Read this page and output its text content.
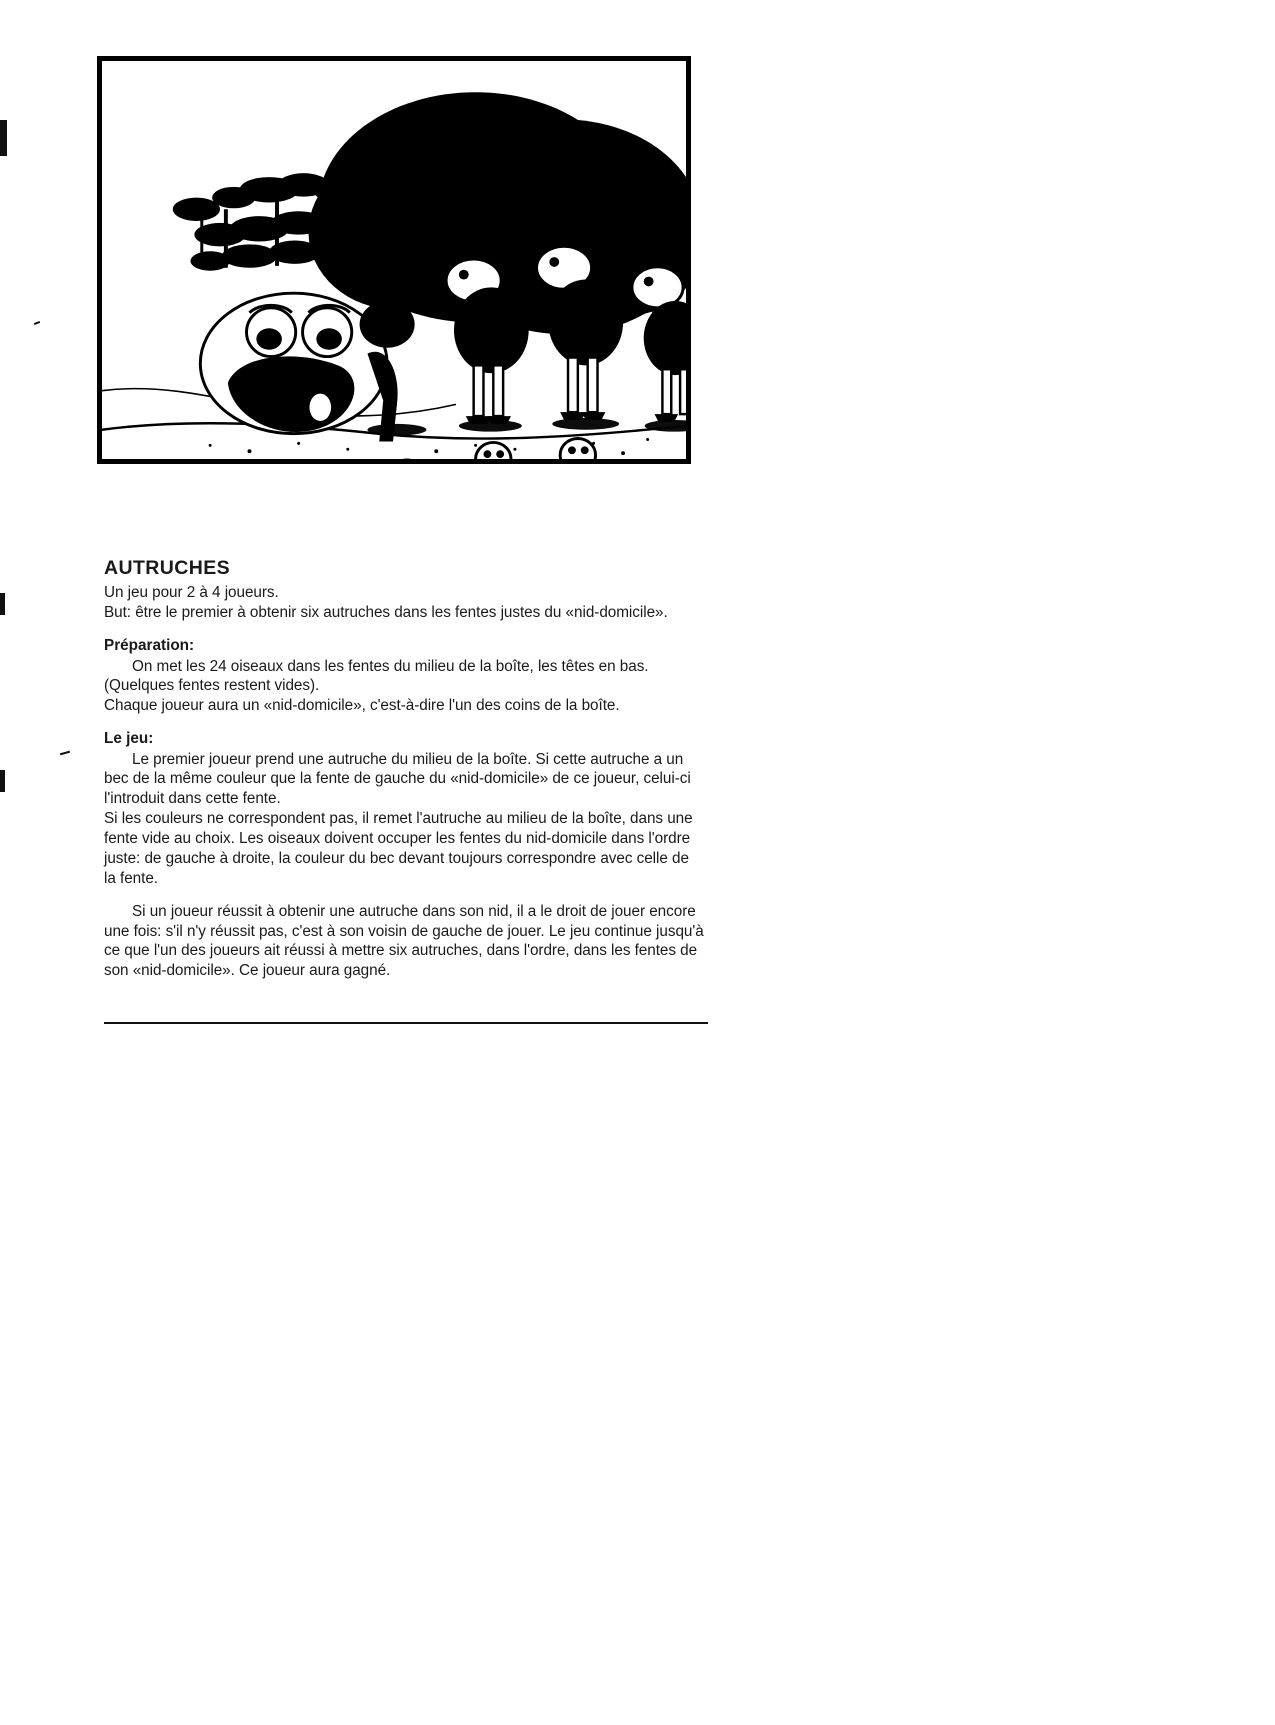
AUTRUCHES

Un jeu pour 2 à 4 joueurs.

But: être le premier à obtenir six autruches dans les fentes justes du «nid-domicile».

Préparation:

On met les 24 oiseaux dans les fentes du milieu de la boîte, les têtes en bas. (Quelques fentes restent vides).

Chaque joueur aura un «nid-domicile», c'est-à-dire l'un des coins de la boîte.

Le jeu:

Le premier joueur prend une autruche du milieu de la boîte. Si cette autruche a un bec de la même couleur que la fente de gauche du «nid-domicile» de ce joueur, celui-ci l'introduit dans cette fente.

Si les couleurs ne correspondent pas, il remet l'autruche au milieu de la boîte, dans une fente vide au choix. Les oiseaux doivent occuper les fentes du nid-domicile dans l'ordre juste: de gauche à droite, la couleur du bec devant toujours correspondre avec celle de la fente.

Si un joueur réussit à obtenir une autruche dans son nid, il a le droit de jouer encore une fois: s'il n'y réussit pas, c'est à son voisin de gauche de jouer. Le jeu continue jusqu'à ce que l'un des joueurs ait réussi à mettre six autruches, dans l'ordre, dans les fentes de son «nid-domicile». Ce joueur aura gagné.
